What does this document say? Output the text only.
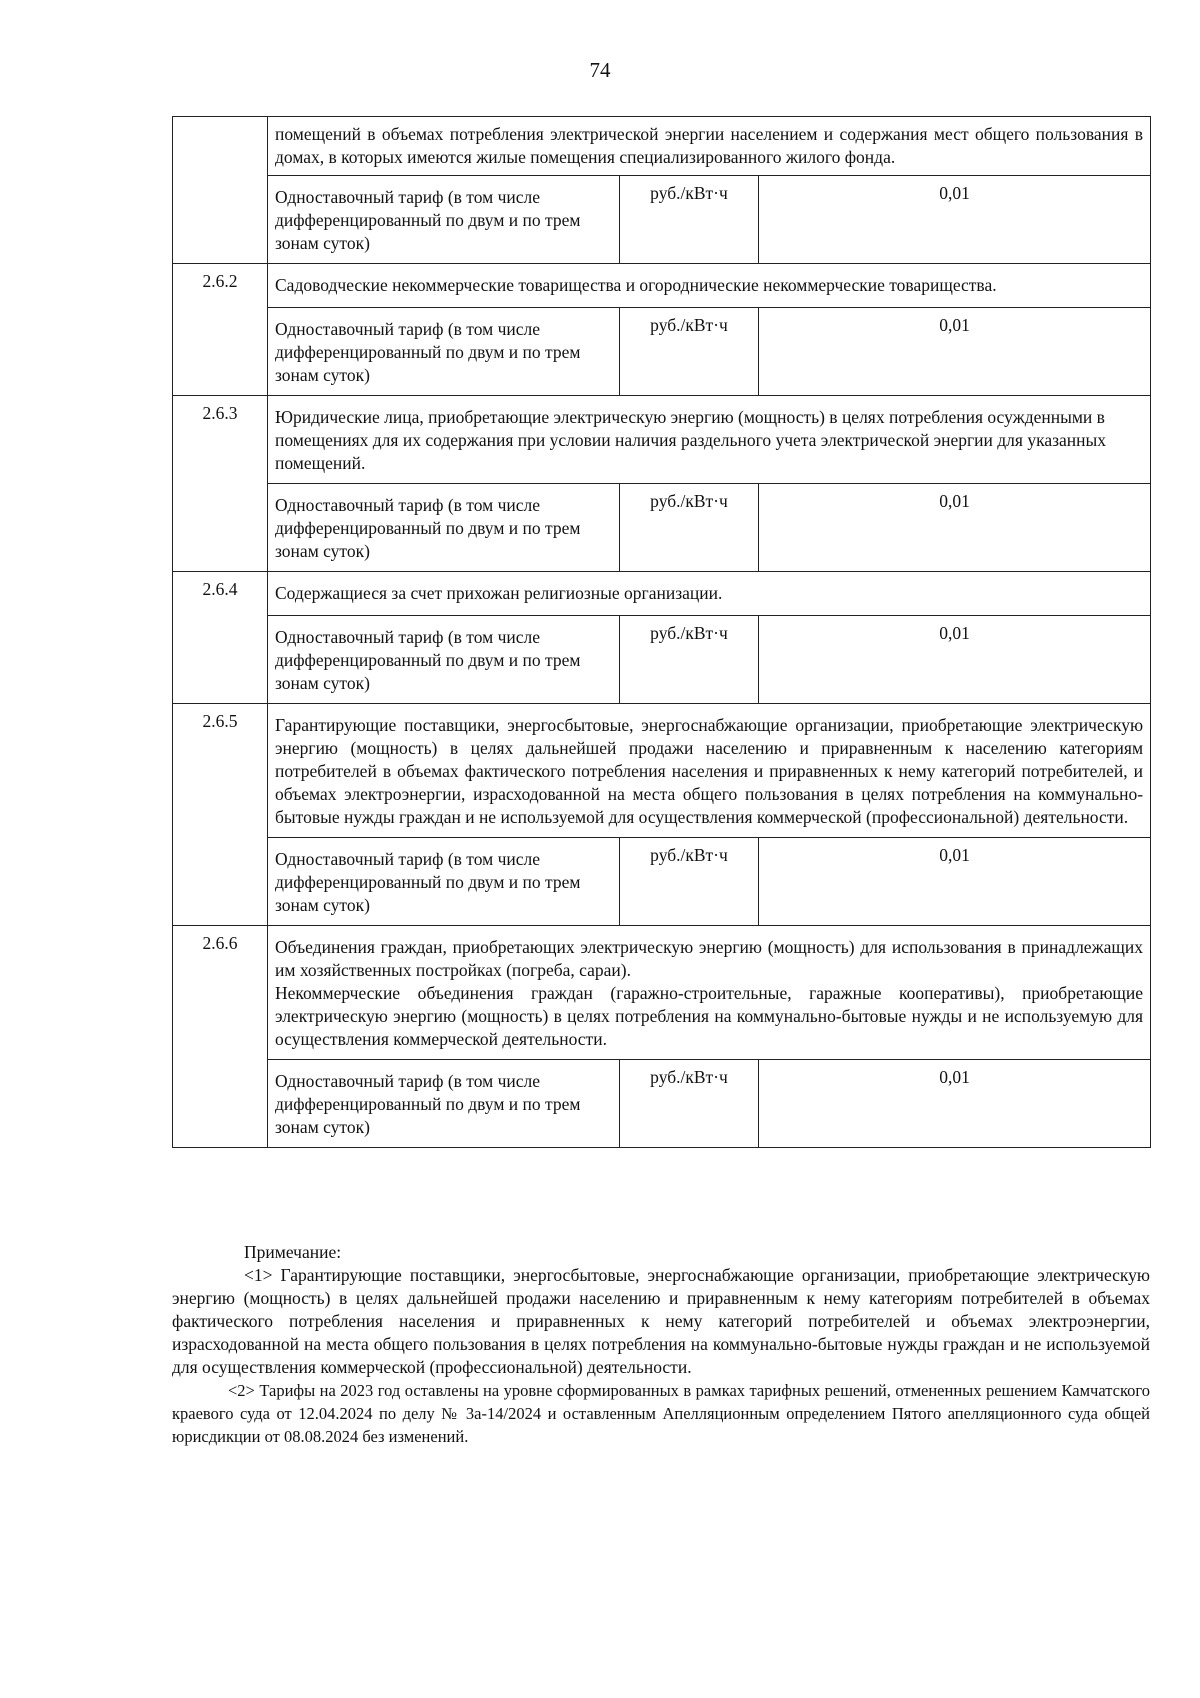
74
	помещений в объемах потребления электрической энергии населением и содержания мест общего пользования в домах, в которых имеются жилые помещения специализированного жилого фонда.		
	Одноставочный тариф (в том числе дифференцированный по двум и по трем зонам суток)	руб./кВт·ч	0,01
2.6.2	Садоводческие некоммерческие товарищества и огороднические некоммерческие товарищества.		
	Одноставочный тариф (в том числе дифференцированный по двум и по трем зонам суток)	руб./кВт·ч	0,01
2.6.3	Юридические лица, приобретающие электрическую энергию (мощность) в целях потребления осужденными в помещениях для их содержания при условии наличия раздельного учета электрической энергии для указанных помещений.		
	Одноставочный тариф (в том числе дифференцированный по двум и по трем зонам суток)	руб./кВт·ч	0,01
2.6.4	Содержащиеся за счет прихожан религиозные организации.		
	Одноставочный тариф (в том числе дифференцированный по двум и по трем зонам суток)	руб./кВт·ч	0,01
2.6.5	Гарантирующие поставщики, энергосбытовые, энергоснабжающие организации, приобретающие электрическую энергию (мощность) в целях дальнейшей продажи населению и приравненным к населению категориям потребителей в объемах фактического потребления населения и приравненных к нему категорий потребителей, и объемах электроэнергии, израсходованной на места общего пользования в целях потребления на коммунально-бытовые нужды граждан и не используемой для осуществления коммерческой (профессиональной) деятельности.		
	Одноставочный тариф (в том числе дифференцированный по двум и по трем зонам суток)	руб./кВт·ч	0,01
2.6.6	Объединения граждан, приобретающих электрическую энергию (мощность) для использования в принадлежащих им хозяйственных постройках (погреба, сараи).
Некоммерческие объединения граждан (гаражно-строительные, гаражные кооперативы), приобретающие электрическую энергию (мощность) в целях потребления на коммунально-бытовые нужды и не используемую для осуществления коммерческой деятельности.		

	Одноставочный тариф (в том числе дифференцированный по двум и по трем зонам суток)	руб./кВт·ч	0,01

Примечание:

<1> Гарантирующие поставщики, энергосбытовые, энергоснабжающие организации, приобретающие электрическую энергию (мощность) в целях дальнейшей продажи населению и приравненным к нему категориям потребителей в объемах фактического потребления населения и приравненных к нему категорий потребителей и объемах электроэнергии, израсходованной на места общего пользования в целях потребления на коммунально-бытовые нужды граждан и не используемой для осуществления коммерческой (профессиональной) деятельности.

<2> Тарифы на 2023 год оставлены на уровне сформированных в рамках тарифных решений, отмененных решением Камчатского краевого суда от 12.04.2024 по делу № 3а-14/2024 и оставленным Апелляционным определением Пятого апелляционного суда общей юрисдикции от 08.08.2024 без изменений.
